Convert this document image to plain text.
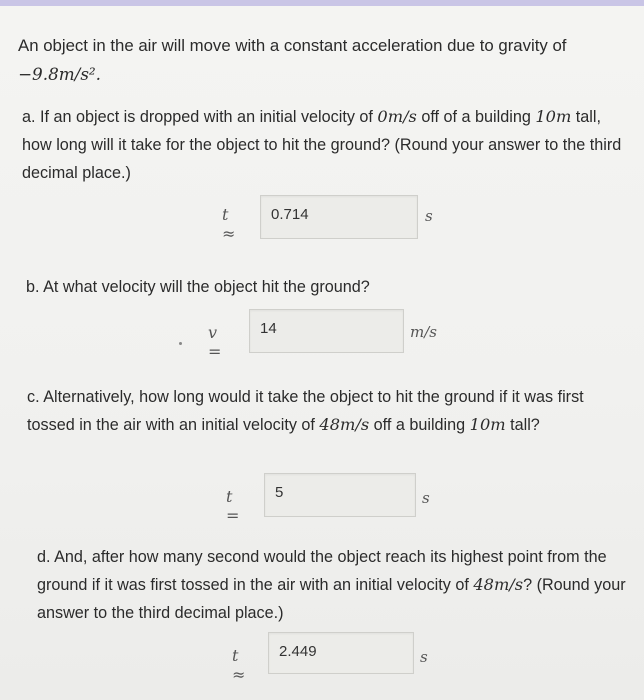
An object in the air will move with a constant acceleration due to gravity of
−9.8m/s².

a. If an object is dropped with an initial velocity of 0m/s off of a building 10m tall, how long will it take for the object to hit the ground? (Round your answer to the third decimal place.)

t ≈
0.714	s

b. At what velocity will the object hit the ground?

v =
14	m/s

c. Alternatively, how long would it take the object to hit the ground if it was first tossed in the air with an initial velocity of 48m/s off a building 10m tall?

t =
5	s

d. And, after how many second would the object reach its highest point from the ground if it was first tossed in the air with an initial velocity of 48m/s? (Round your answer to the third decimal place.)

t ≈
2.449	s
